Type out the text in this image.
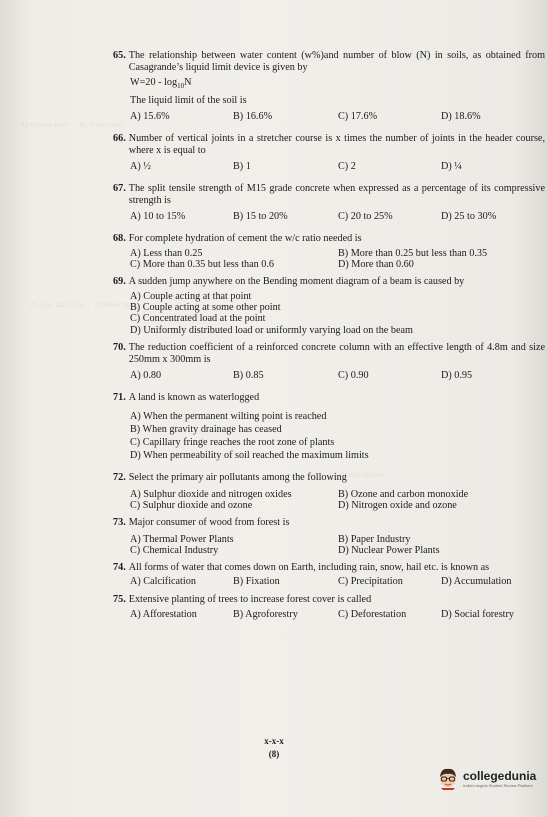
A) Fatigue limit      B) Yield stress
A) Less than 0.25      B) More than
C) Glacial deposit
65. The relationship between water content (w%)and number of blow (N) in soils, as obtained from Casagrande’s liquid limit device is given by
$W=20 - \log_{10}N$
The liquid limit of the soil is
A) 15.6%	B) 16.6%	C) 17.6%	D) 18.6%
66. Number of vertical joints in a stretcher course is x times the number of joints in the header course, where x is equal to
A) ½	B) 1	C) 2	D) ¼
67. The split tensile strength of M15 grade concrete when expressed as a percentage of its compressive strength is
A) 10 to 15%	B) 15 to 20%	C) 20 to 25%	D) 25 to 30%
68. For complete hydration of cement the w/c ratio needed is
A) Less than 0.25	B) More than 0.25 but less than 0.35
C) More than 0.35 but less than 0.6	D) More than 0.60
69. A sudden jump anywhere on the Bending moment diagram of a beam is caused by
A) Couple acting at that point
B) Couple acting at some other point
C) Concentrated load at the point
D) Uniformly distributed load or uniformly varying load on the beam
70. The reduction coefficient of a reinforced concrete column with an effective length of 4.8m and size 250mm x 300mm is
A) 0.80	B) 0.85	C) 0.90	D) 0.95
71. A land is known as waterlogged
A) When the permanent wilting point is reached
B) When gravity drainage has ceased
C) Capillary fringe reaches the root zone of plants
D) When permeability of soil reached the maximum limits
72. Select the primary air pollutants among the following
A) Sulphur dioxide and nitrogen oxides	B) Ozone and carbon monoxide
C) Sulphur dioxide and ozone	D) Nitrogen oxide and ozone
73. Major consumer of wood from forest is
A) Thermal Power Plants	B) Paper Industry
C) Chemical Industry	D) Nuclear Power Plants
74. All forms of water that comes down on Earth, including rain, snow, hail etc. is known as
A) Calcification	B) Fixation	C) Precipitation	D) Accumulation
75. Extensive planting of trees to increase forest cover is called
A) Afforestation	B) Agroforestry	C) Deforestation	D) Social forestry
x-x-x
(8)
collegedunia
India's largest Student Review Platform
